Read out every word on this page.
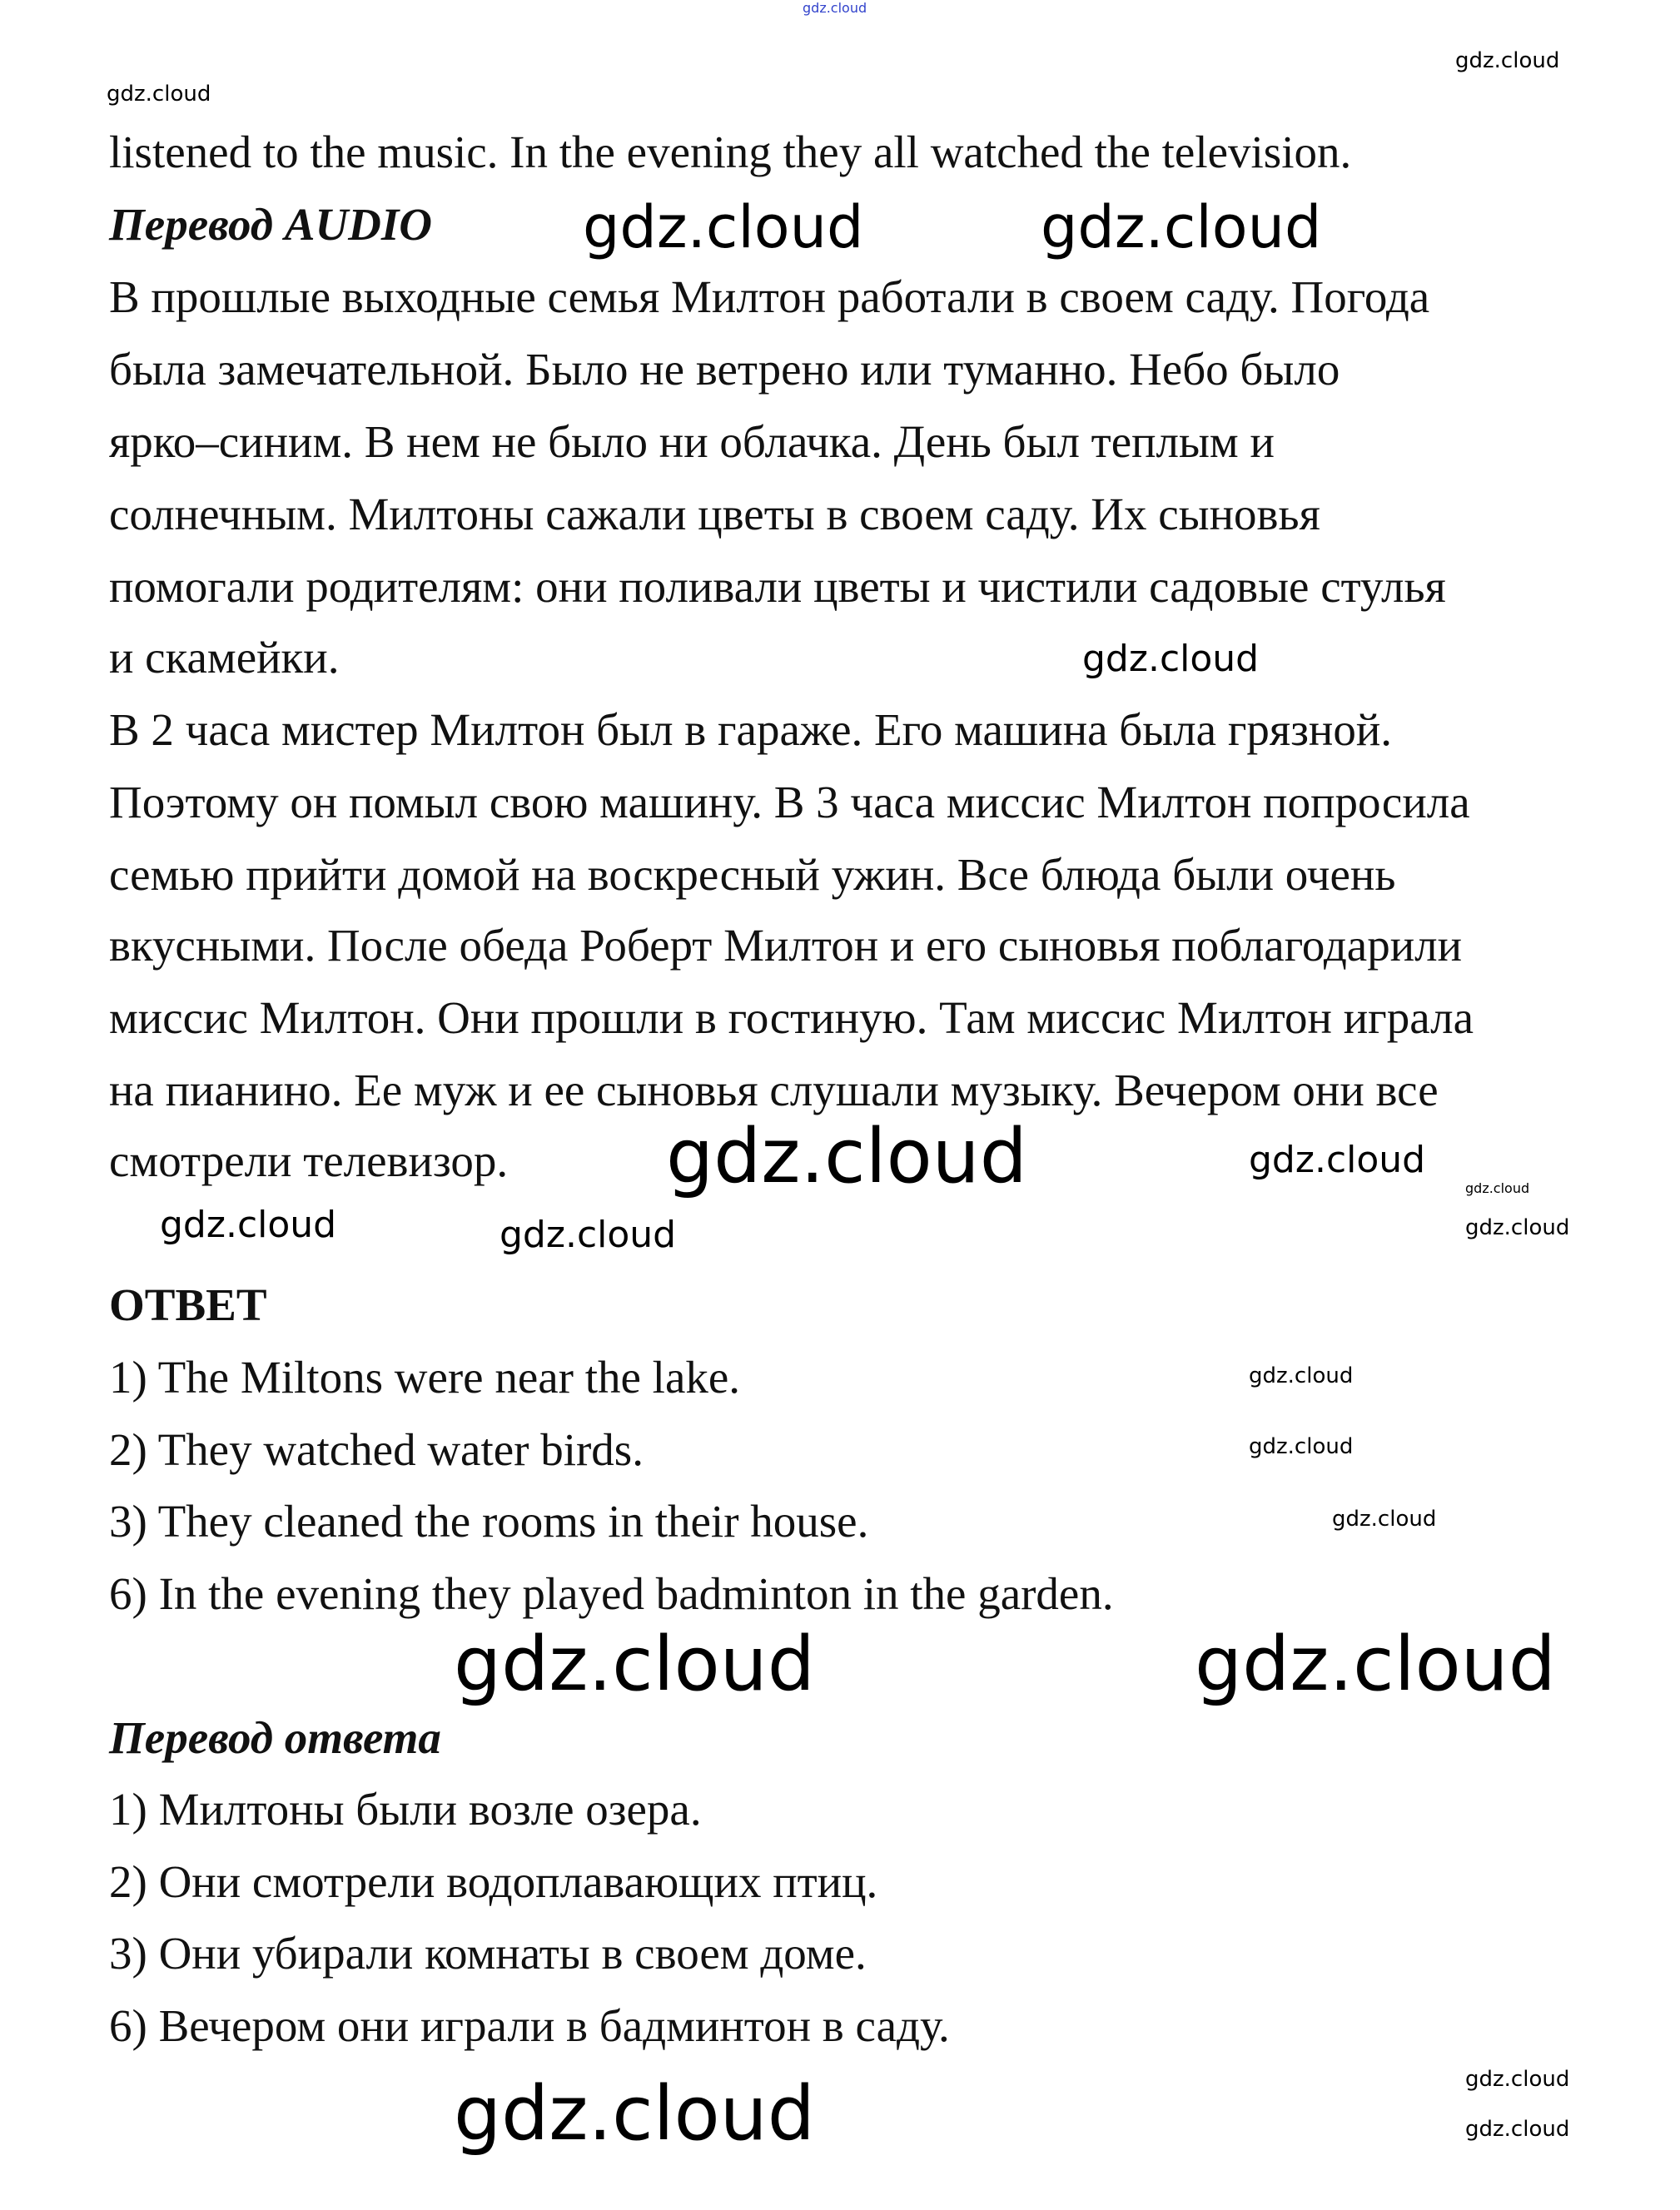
gdz.cloud
listened to the music. In the evening they all watched the television.
Перевод AUDIO
В прошлые выходные семья Милтон работали в своем саду. Погода
была замечательной. Было не ветрено или туманно. Небо было
ярко–синим. В нем не было ни облачка. День был теплым и
солнечным. Милтоны сажали цветы в своем саду. Их сыновья
помогали родителям: они поливали цветы и чистили садовые стулья
и скамейки.
В 2 часа мистер Милтон был в гараже. Его машина была грязной.
Поэтому он помыл свою машину. В 3 часа миссис Милтон попросила
семью прийти домой на воскресный ужин. Все блюда были очень
вкусными. После обеда Роберт Милтон и его сыновья поблагодарили
миссис Милтон. Они прошли в гостиную. Там миссис Милтон играла
на пианино. Ее муж и ее сыновья слушали музыку. Вечером они все
смотрели телевизор.
ОТВЕТ
1) The Miltons were near the lake.
2) They watched water birds.
3) They cleaned the rooms in their house.
6) In the evening they played badminton in the garden.
Перевод ответа
1) Милтоны были возле озера.
2) Они смотрели водоплавающих птиц.
3) Они убирали комнаты в своем доме.
6) Вечером они играли в бадминтон в саду.
gdz.cloud
gdz.cloud
gdz.cloud	gdz.cloud
gdz.cloud
gdz.cloud
gdz.cloud
gdz.cloud
gdz.cloud
gdz.cloud	gdz.cloud
gdz.cloud
gdz.cloud
gdz.cloud
gdz.cloud
gdz.cloud
gdz.cloud
gdz.cloud
gdz.cloud
